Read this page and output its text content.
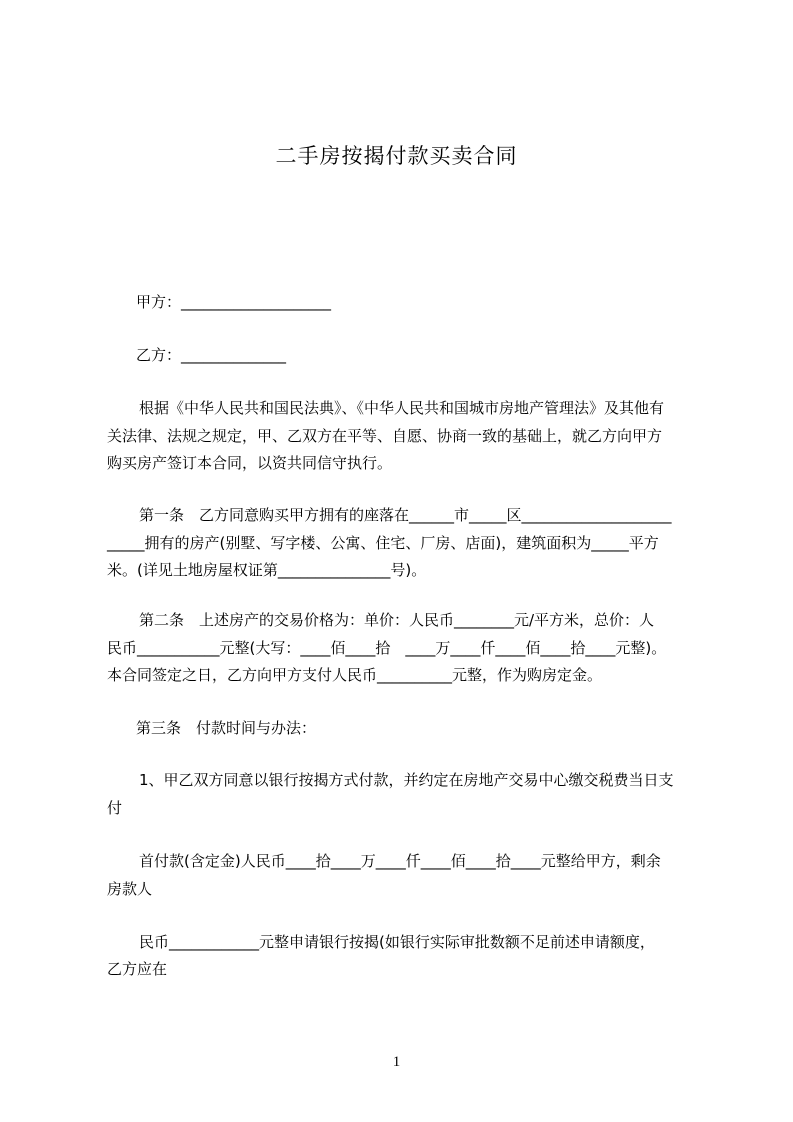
二手房按揭付款买卖合同
甲方：____________________
乙方：______________
根据《中华人民共和国民法典》、《中华人民共和国城市房地产管理法》及其他有
关法律、法规之规定，甲、乙双方在平等、自愿、协商一致的基础上，就乙方向甲方
购买房产签订本合同，以资共同信守执行。
第一条　乙方同意购买甲方拥有的座落在______市_____区____________________
_____拥有的房产(别墅、写字楼、公寓、住宅、厂房、店面)，建筑面积为_____平方
米。(详见土地房屋权证第_______________号)。
第二条　上述房产的交易价格为：单价：人民币________元/平方米，总价：人
民币___________元整(大写：____佰____拾　____万____仟____佰____拾____元整)。
本合同签定之日，乙方向甲方支付人民币__________元整，作为购房定金。
第三条　付款时间与办法：
1、甲乙双方同意以银行按揭方式付款，并约定在房地产交易中心缴交税费当日支
付
首付款(含定金)人民币____拾____万____仟____佰____拾____元整给甲方，剩余
房款人
民币____________元整申请银行按揭(如银行实际审批数额不足前述申请额度，
乙方应在
1
